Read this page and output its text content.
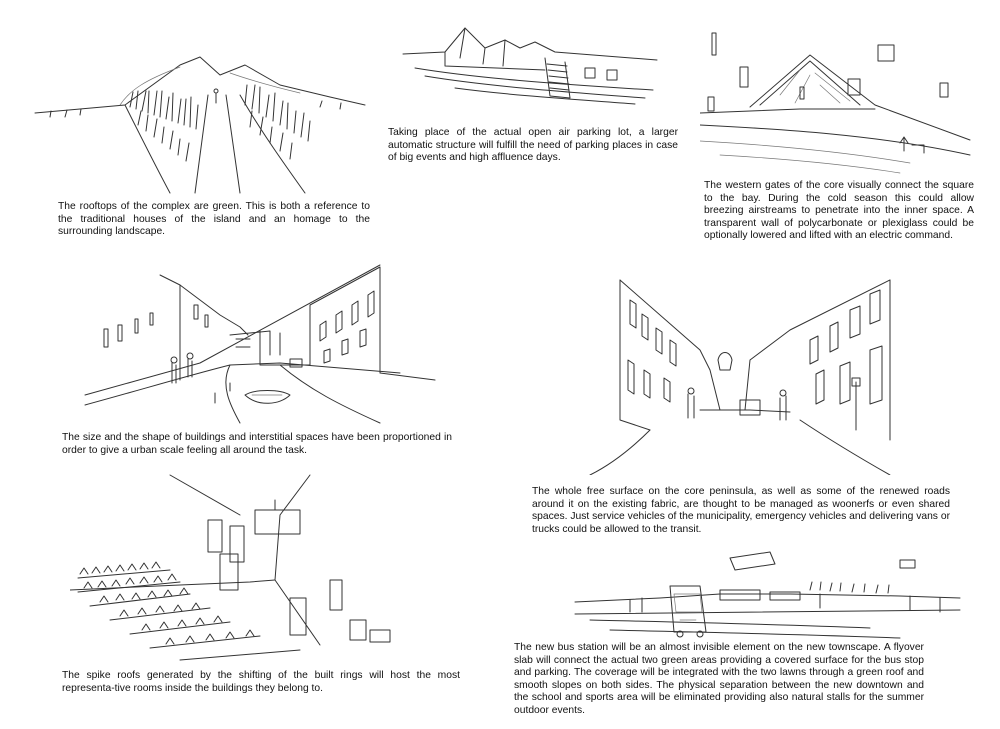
The rooftops of the complex are green. This is both a reference to the traditional houses of the island and an homage to the surrounding landscape.

Taking place of the actual open air parking lot, a larger automatic structure will fulfill the need of parking places in case of big events and high affluence days.

The western gates of the core visually connect the square to the bay. During the cold season this could allow breezing airstreams to penetrate into the inner space. A transparent wall of polycarbonate or plexiglass could be optionally lowered and lifted with an electric command.

The size and the shape of buildings and interstitial spaces have been proportioned in order to give a urban scale feeling all around the task.

The whole free surface on the core peninsula, as well as some of the renewed roads around it on the existing fabric, are thought to be managed as woonerfs or even shared spaces. Just service vehicles of the municipality, emergency vehicles and delivering vans or trucks could be allowed to the transit.

The spike roofs generated by the shifting of the built rings will host the most representa-tive rooms inside the buildings they belong to.

The new bus station will be an almost invisible element on the new townscape. A flyover slab will connect the actual two green areas providing a covered surface for the bus stop and parking. The coverage will be integrated with the two lawns through a green roof and smooth slopes on both sides. The physical separation between the new downtown and the school and sports area will be eliminated providing also natural stalls for the summer outdoor events.
